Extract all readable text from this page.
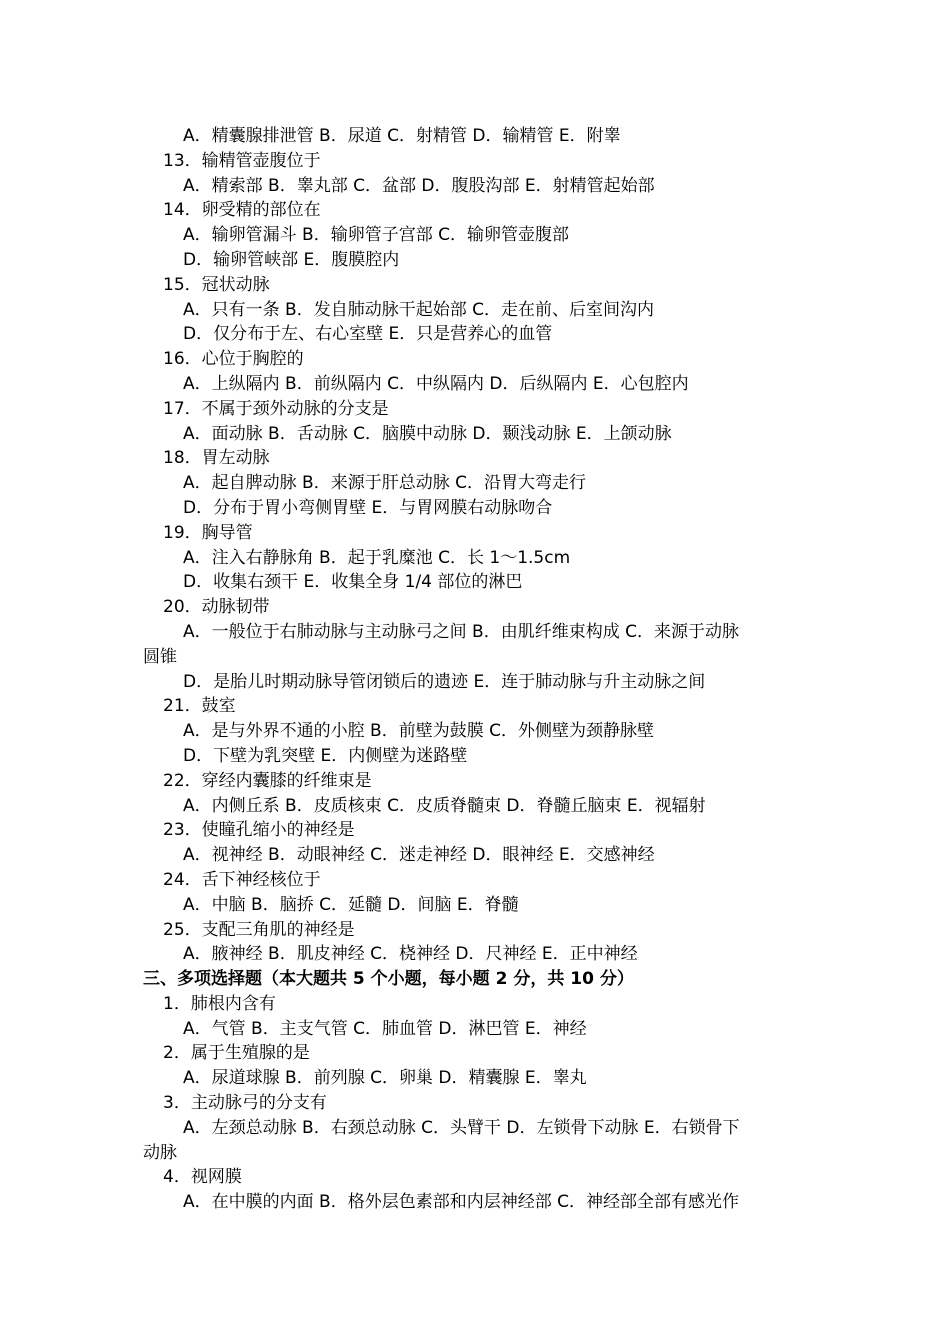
A．精囊腺排泄管 B．尿道 C．射精管 D．输精管 E．附睾
13．输精管壶腹位于
A．精索部 B．睾丸部 C．盆部 D．腹股沟部 E．射精管起始部
14．卵受精的部位在
A．输卵管漏斗 B．输卵管子宫部 C．输卵管壶腹部
D．输卵管峡部 E．腹膜腔内
15．冠状动脉
A．只有一条 B．发自肺动脉干起始部 C．走在前、后室间沟内
D．仅分布于左、右心室壁 E．只是营养心的血管
16．心位于胸腔的
A．上纵隔内 B．前纵隔内 C．中纵隔内 D．后纵隔内 E．心包腔内
17．不属于颈外动脉的分支是
A．面动脉 B．舌动脉 C．脑膜中动脉 D．颞浅动脉 E．上颌动脉
18．胃左动脉
A．起自脾动脉 B．来源于肝总动脉 C．沿胃大弯走行
D．分布于胃小弯侧胃壁 E．与胃网膜右动脉吻合
19．胸导管
A．注入右静脉角 B．起于乳糜池 C．长 1～1.5cm
D．收集右颈干 E．收集全身 1/4 部位的淋巴
20．动脉韧带
A．一般位于右肺动脉与主动脉弓之间 B．由肌纤维束构成 C．来源于动脉
圆锥
D．是胎儿时期动脉导管闭锁后的遗迹 E．连于肺动脉与升主动脉之间
21．鼓室
A．是与外界不通的小腔 B．前壁为鼓膜 C．外侧壁为颈静脉壁
D．下壁为乳突壁 E．内侧壁为迷路壁
22．穿经内囊膝的纤维束是
A．内侧丘系 B．皮质核束 C．皮质脊髓束 D．脊髓丘脑束 E．视辐射
23．使瞳孔缩小的神经是
A．视神经 B．动眼神经 C．迷走神经 D．眼神经 E．交感神经
24．舌下神经核位于
A．中脑 B．脑挢 C．延髓 D．间脑 E．脊髓
25．支配三角肌的神经是
A．腋神经 B．肌皮神经 C．桡神经 D．尺神经 E．正中神经
三、多项选择题（本大题共 5 个小题，每小题 2 分，共 10 分）
1．肺根内含有
A．气管 B．主支气管 C．肺血管 D．淋巴管 E．神经
2．属于生殖腺的是
A．尿道球腺 B．前列腺 C．卵巢 D．精囊腺 E．睾丸
3．主动脉弓的分支有
A．左颈总动脉 B．右颈总动脉 C．头臂干 D．左锁骨下动脉 E．右锁骨下
动脉
4．视网膜
A．在中膜的内面 B．格外层色素部和内层神经部 C．神经部全部有感光作
